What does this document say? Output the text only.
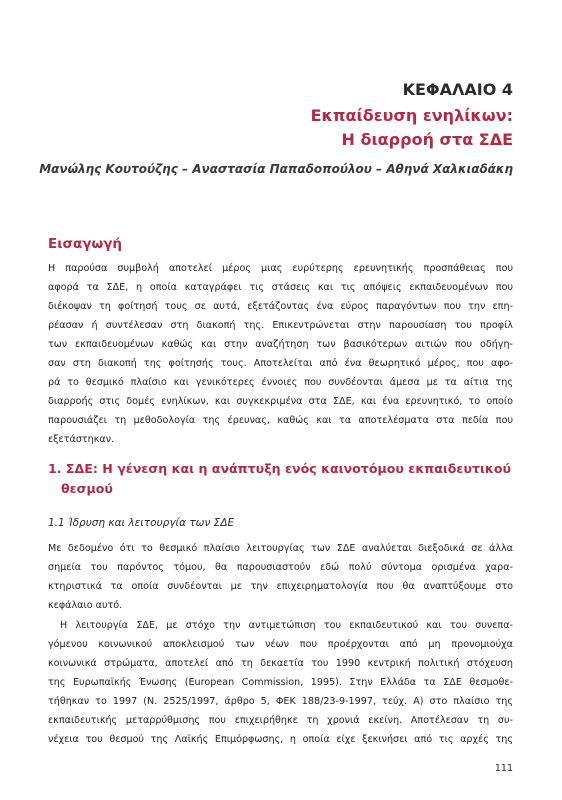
ΚΕΦΑΛΑΙΟ 4
Εκπαίδευση ενηλίκων:
Η διαρροή στα ΣΔΕ
Μανώλης Κουτούζης – Αναστασία Παπαδοπούλου – Αθηνά Χαλκιαδάκη
Εισαγωγή
Η παρούσα συμβολή αποτελεί μέρος μιας ευρύτερης ερευνητικής προσπάθειας που
αφορά τα ΣΔΕ, η οποία καταγράφει τις στάσεις και τις απόψεις εκπαιδευομένων που
διέκοψαν τη φοίτησή τους σε αυτά, εξετάζοντας ένα εύρος παραγόντων που την επη-
ρέασαν ή συντέλεσαν στη διακοπή της. Επικεντρώνεται στην παρουσίαση του προφίλ
των εκπαιδευομένων καθώς και στην αναζήτηση των βασικότερων αιτιών που οδήγη-
σαν στη διακοπή της φοίτησής τους. Αποτελείται από ένα θεωρητικό μέρος, που αφο-
ρά το θεσμικό πλαίσιο και γενικότερες έννοιες που συνδέονται άμεσα με τα αίτια της
διαρροής στις δομές ενηλίκων, και συγκεκριμένα στα ΣΔΕ, και ένα ερευνητικό, το οποίο
παρουσιάζει τη μεθοδολογία της έρευνας, καθώς και τα αποτελέσματα στα πεδία που
εξετάστηκαν.
1. ΣΔΕ: Η γένεση και η ανάπτυξη ενός καινοτόμου εκπαιδευτικού
θεσμού
1.1 Ίδρυση και λειτουργία των ΣΔΕ
Με δεδομένο ότι το θεσμικό πλαίσιο λειτουργίας των ΣΔΕ αναλύεται διεξοδικά σε άλλα
σημεία του παρόντος τόμου, θα παρουσιαστούν εδώ πολύ σύντομα ορισμένα χαρα-
κτηριστικά τα οποία συνδέονται με την επιχειρηματολογία που θα αναπτύξουμε στο
κεφάλαιο αυτό.
Η λειτουργία ΣΔΕ, με στόχο την αντιμετώπιση του εκπαιδευτικού και του συνεπα-
γόμενου κοινωνικού αποκλεισμού των νέων που προέρχονται από μη προνομιούχα
κοινωνικά στρώματα, αποτελεί από τη δεκαετία του 1990 κεντρική πολιτική στόχευση
της Ευρωπαϊκής Ένωσης (European Commission, 1995). Στην Ελλάδα τα ΣΔΕ θεσμοθε-
τήθηκαν το 1997 (Ν. 2525/1997, άρθρο 5, ΦΕΚ 188/23-9-1997, τεύχ. Α) στο πλαίσιο της
εκπαιδευτικής μεταρρύθμισης που επιχειρήθηκε τη χρονιά εκείνη. Αποτέλεσαν τη συ-
νέχεια του θεσμού της Λαϊκής Επιμόρφωσης, η οποία είχε ξεκινήσει από τις αρχές της
111
